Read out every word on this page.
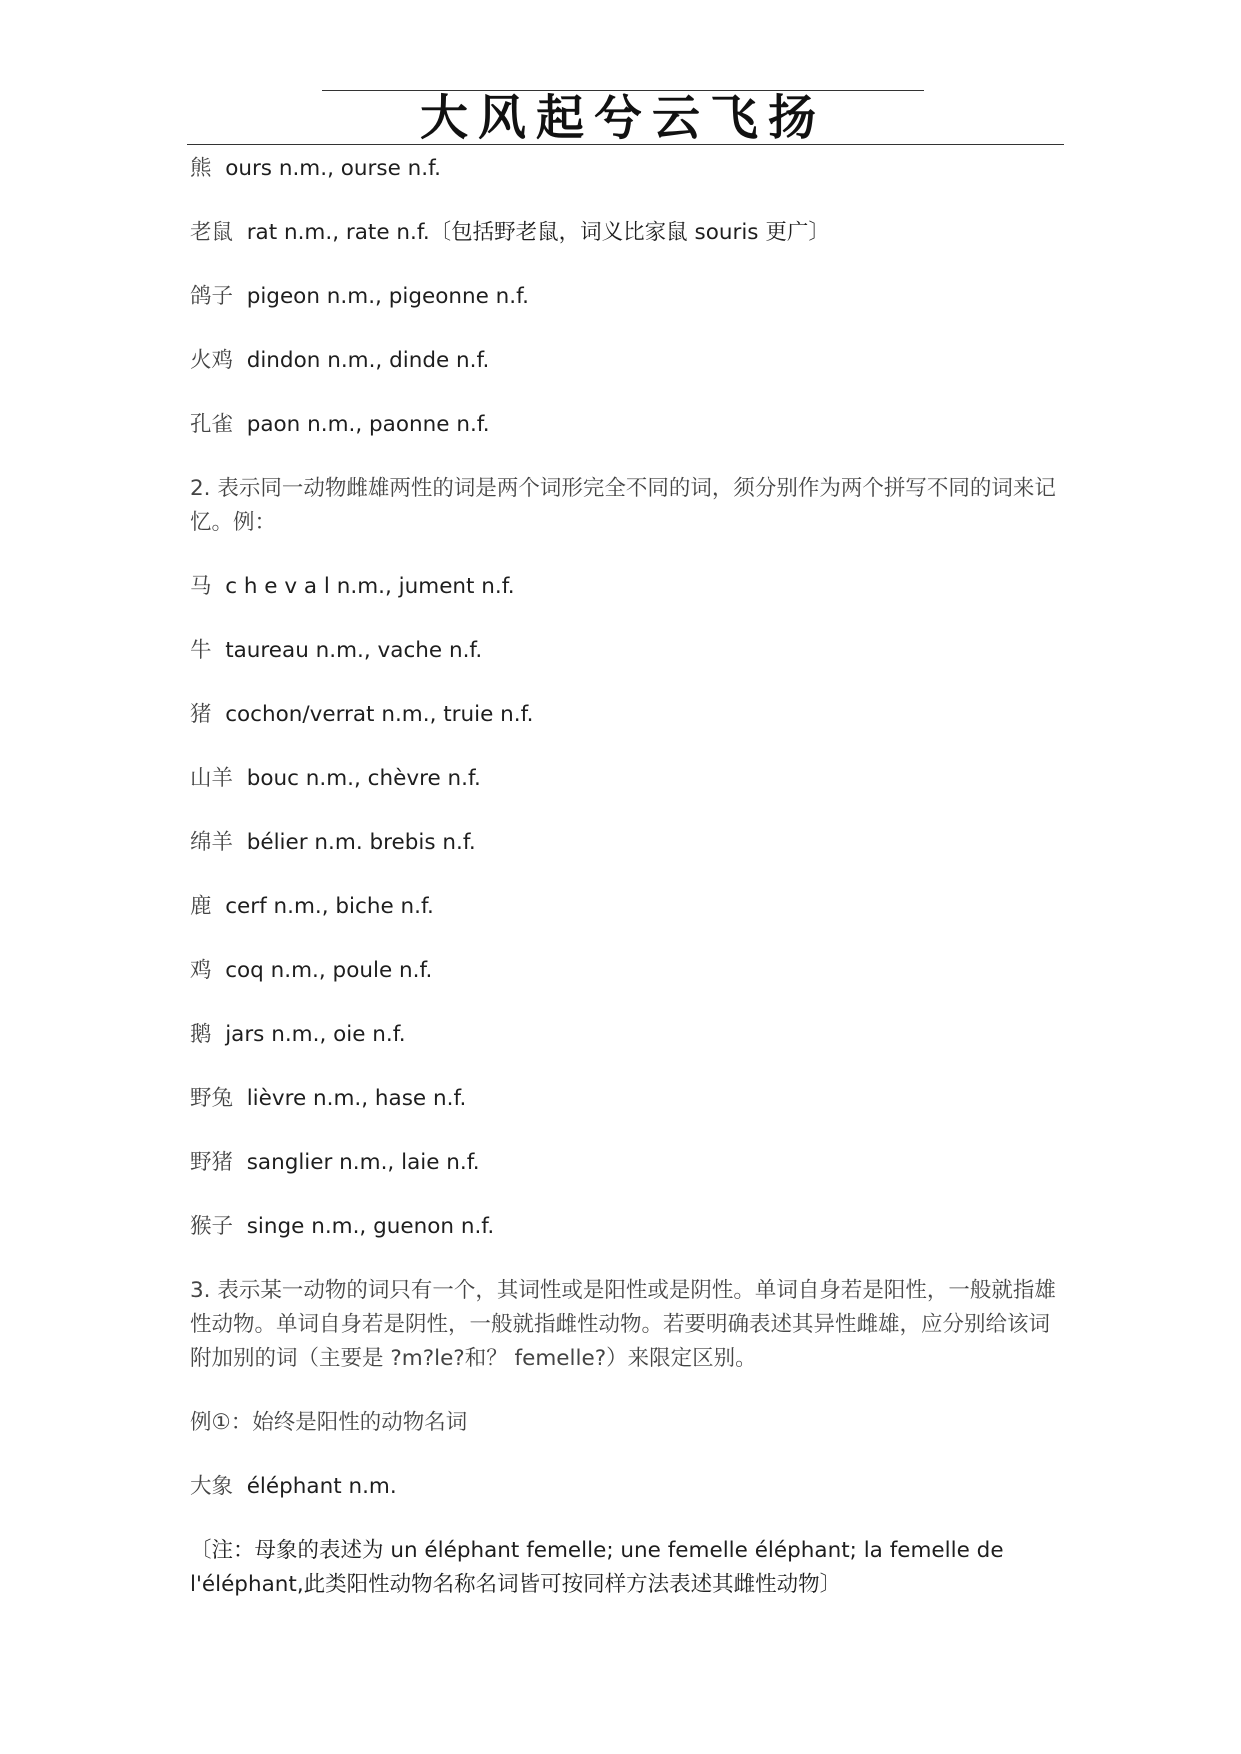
大风起兮云飞扬
熊 ours n.m., ourse n.f.
老鼠 rat n.m., rate n.f.〔包括野老鼠，词义比家鼠 souris 更广〕
鸽子 pigeon n.m., pigeonne n.f.
火鸡 dindon n.m., dinde n.f.
孔雀 paon n.m., paonne n.f.
2. 表示同一动物雌雄两性的词是两个词形完全不同的词，须分别作为两个拼写不同的词来记忆。例：
马 c h e v a l n.m., jument n.f.
牛 taureau n.m., vache n.f.
猪 cochon/verrat n.m., truie n.f.
山羊 bouc n.m., chèvre n.f.
绵羊 bélier n.m. brebis n.f.
鹿 cerf n.m., biche n.f.
鸡 coq n.m., poule n.f.
鹅 jars n.m., oie n.f.
野兔 lièvre n.m., hase n.f.
野猪 sanglier n.m., laie n.f.
猴子 singe n.m., guenon n.f.
3. 表示某一动物的词只有一个，其词性或是阳性或是阴性。单词自身若是阳性，一般就指雄性动物。单词自身若是阴性，一般就指雌性动物。若要明确表述其异性雌雄，应分别给该词附加别的词（主要是 ?m?le?和？ femelle?）来限定区别。
例①：始终是阳性的动物名词
大象 éléphant n.m.
〔注：母象的表述为 un éléphant femelle; une femelle éléphant; la femelle de l'éléphant,此类阳性动物名称名词皆可按同样方法表述其雌性动物〕
